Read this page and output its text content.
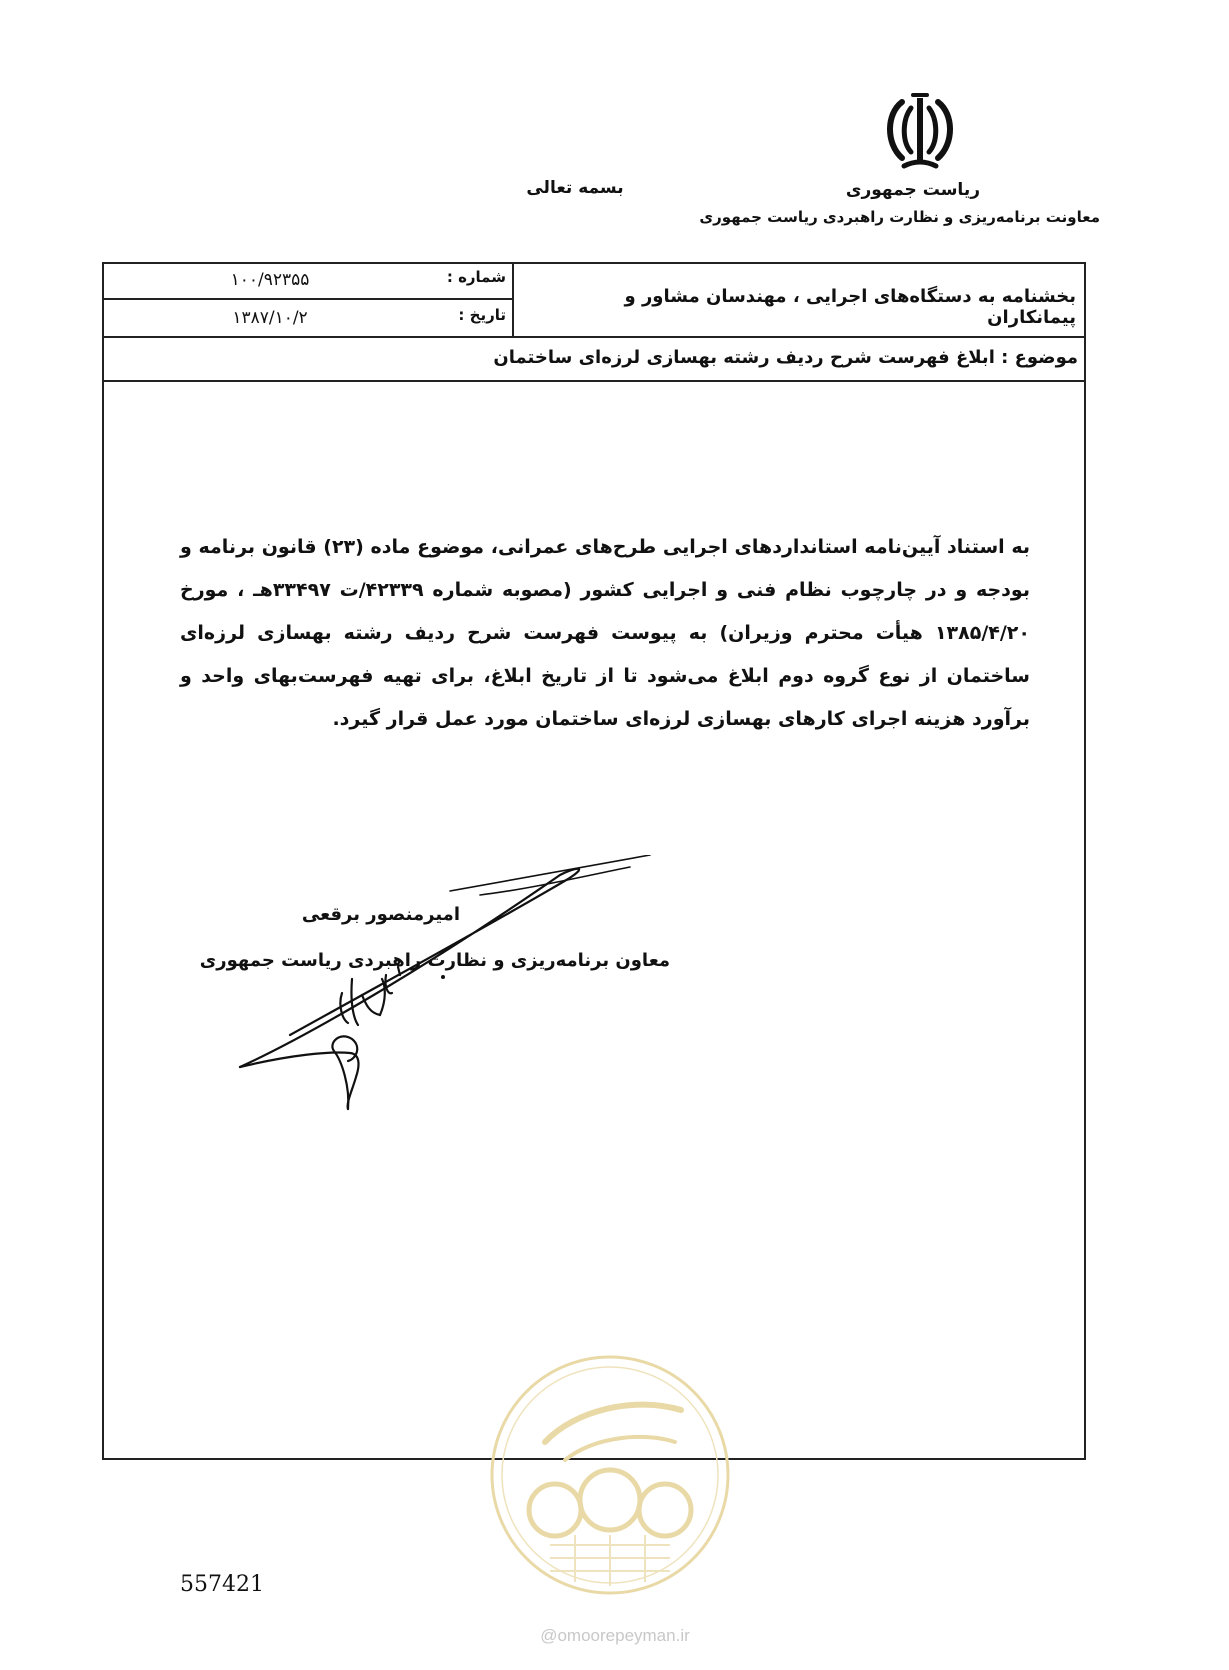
ریاست جمهوری
بسمه تعالی
معاونت برنامه‌ریزی و نظارت راهبردی ریاست جمهوری
شماره :
۱۰۰/۹۲۳۵۵
تاریخ :
۱۳۸۷/۱۰/۲
بخشنامه به دستگاه‌های اجرایی ، مهندسان مشاور و پیمانکاران
موضوع : ابلاغ فهرست شرح ردیف رشته بهسازی لرزه‌ای ساختمان
به استناد آیین‌نامه استانداردهای اجرایی طرح‌های عمرانی، موضوع ماده (۲۳) قانون برنامه و بودجه و در چارچوب نظام فنی و اجرایی کشور (مصوبه شماره ۴۲۳۳۹/ت ۳۳۴۹۷هـ ، مورخ ۱۳۸۵/۴/۲۰ هیأت محترم وزیران) به پیوست فهرست شرح ردیف رشته بهسازی لرزه‌ای ساختمان از نوع گروه دوم ابلاغ می‌شود تا از تاریخ ابلاغ، برای تهیه فهرست‌بهای واحد و برآورد هزینه اجرای کارهای بهسازی لرزه‌ای ساختمان مورد عمل قرار گیرد.
امیرمنصور برقعی
معاون برنامه‌ریزی و نظارت راهبردی ریاست جمهوری
557421
@omoorepeyman.ir
